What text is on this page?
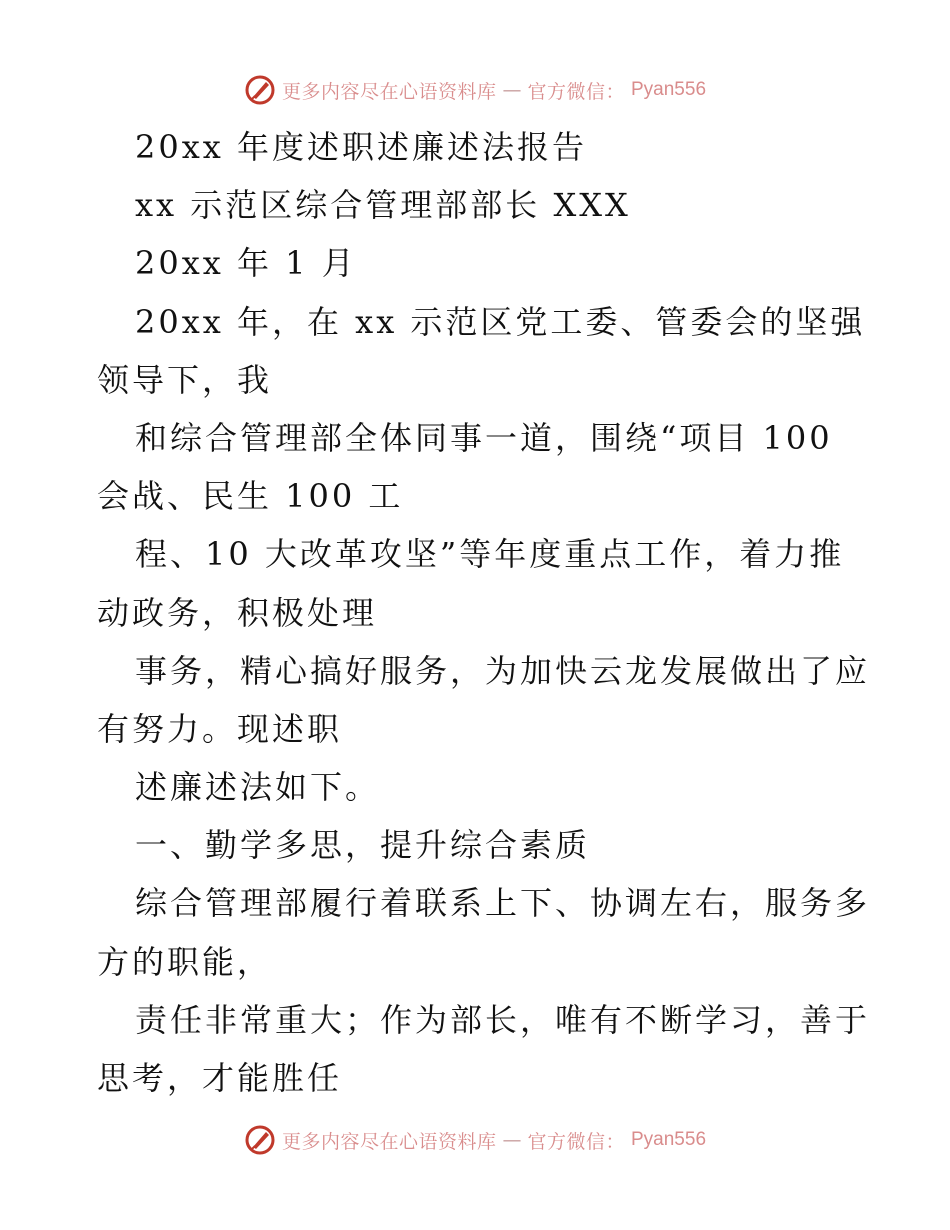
更多内容尽在心语资料库 — 官方微信： Pyan556
20xx 年度述职述廉述法报告
xx 示范区综合管理部部长 XXX
20xx 年 1 月
20xx 年，在 xx 示范区党工委、管委会的坚强
领导下，我
和综合管理部全体同事一道，围绕“项目 100
会战、民生 100 工
程、10 大改革攻坚”等年度重点工作，着力推
动政务，积极处理
事务，精心搞好服务，为加快云龙发展做出了应
有努力。现述职
述廉述法如下。
一、勤学多思，提升综合素质
综合管理部履行着联系上下、协调左右，服务多
方的职能，
责任非常重大；作为部长，唯有不断学习，善于
思考，才能胜任
更多内容尽在心语资料库 — 官方微信： Pyan556
